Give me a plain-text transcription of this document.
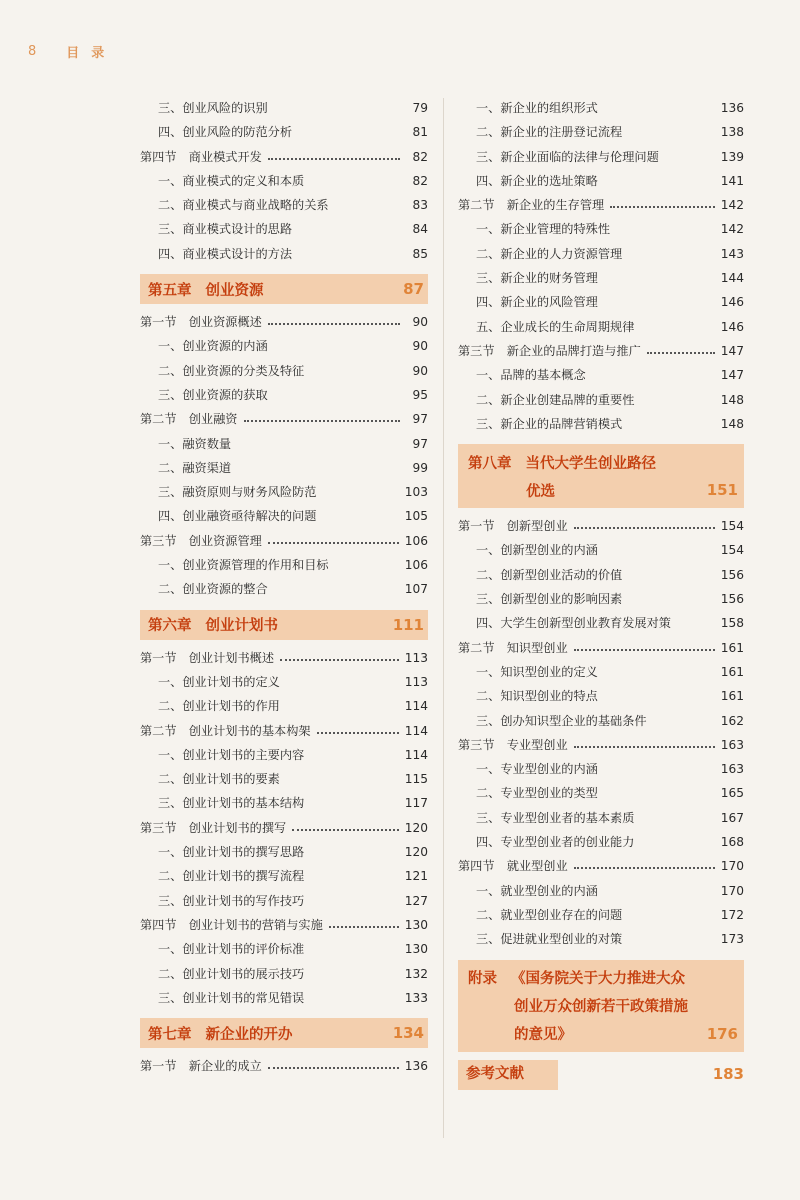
8 目录
三、创业风险的识别	79
四、创业风险的防范分析	81
第四节　商业模式开发	82
一、商业模式的定义和本质	82
二、商业模式与商业战略的关系	83
三、商业模式设计的思路	84
四、商业模式设计的方法	85
第五章 创业资源	87
第一节　创业资源概述	90
一、创业资源的内涵	90
二、创业资源的分类及特征	90
三、创业资源的获取	95
第二节　创业融资	97
一、融资数量	97
二、融资渠道	99
三、融资原则与财务风险防范	103
四、创业融资亟待解决的问题	105
第三节　创业资源管理	106
一、创业资源管理的作用和目标	106
二、创业资源的整合	107
第六章 创业计划书	111
第一节　创业计划书概述	113
一、创业计划书的定义	113
二、创业计划书的作用	114
第二节　创业计划书的基本构架	114
一、创业计划书的主要内容	114
二、创业计划书的要素	115
三、创业计划书的基本结构	117
第三节　创业计划书的撰写	120
一、创业计划书的撰写思路	120
二、创业计划书的撰写流程	121
三、创业计划书的写作技巧	127
第四节　创业计划书的营销与实施	130
一、创业计划书的评价标准	130
二、创业计划书的展示技巧	132
三、创业计划书的常见错误	133
第七章 新企业的开办	134
第一节　新企业的成立	136
一、新企业的组织形式	136
二、新企业的注册登记流程	138
三、新企业面临的法律与伦理问题	139
四、新企业的选址策略	141
第二节　新企业的生存管理	142
一、新企业管理的特殊性	142
二、新企业的人力资源管理	143
三、新企业的财务管理	144
四、新企业的风险管理	146
五、企业成长的生命周期规律	146
第三节　新企业的品牌打造与推广	147
一、品牌的基本概念	147
二、新企业创建品牌的重要性	148
三、新企业的品牌营销模式	148
第八章 当代大学生创业路径
优选	151
第一节　创新型创业	154
一、创新型创业的内涵	154
二、创新型创业活动的价值	156
三、创新型创业的影响因素	156
四、大学生创新型创业教育发展对策	158
第二节　知识型创业	161
一、知识型创业的定义	161
二、知识型创业的特点	161
三、创办知识型企业的基础条件	162
第三节　专业型创业	163
一、专业型创业的内涵	163
二、专业型创业的类型	165
三、专业型创业者的基本素质	167
四、专业型创业者的创业能力	168
第四节　就业型创业	170
一、就业型创业的内涵	170
二、就业型创业存在的问题	172
三、促进就业型创业的对策	173
附录 《国务院关于大力推进大众
创业万众创新若干政策措施
的意见》	176
参考文献	183
